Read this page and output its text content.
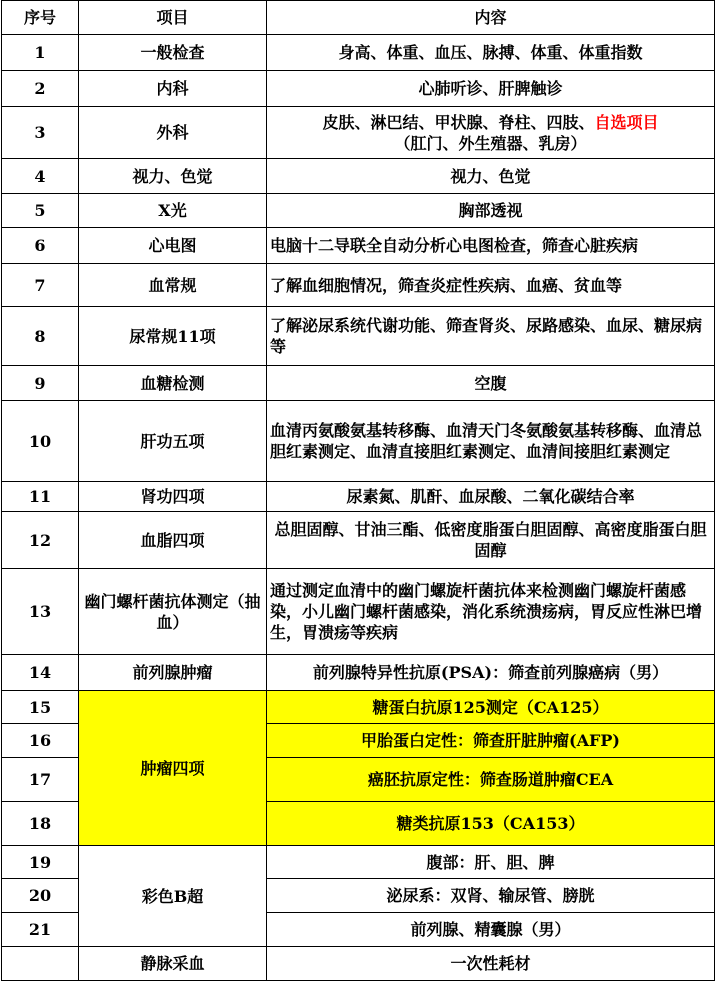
序号	项目	内容
1	一般检查	身高、体重、血压、脉搏、体重、体重指数
2	内科	心肺听诊、肝脾触诊
3	外科	皮肤、淋巴结、甲状腺、脊柱、四肢、自选项目
（肛门、外生殖器、乳房）
4	视力、色觉	视力、色觉
5	X光	胸部透视
6	心电图	电脑十二导联全自动分析心电图检查，筛查心脏疾病

7	血常规	了解血细胞情况，筛查炎症性疾病、血癌、贫血等
8	尿常规11项	了解泌尿系统代谢功能、筛查肾炎、尿路感染、血尿、糖尿病等
9	血糖检测	空腹
10	肝功五项	血清丙氨酸氨基转移酶、血清天门冬氨酸氨基转移酶、血清总胆红素测定、血清直接胆红素测定、血清间接胆红素测定
11	肾功四项	尿素氮、肌酐、血尿酸、二氧化碳结合率
12	血脂四项	总胆固醇、甘油三酯、低密度脂蛋白胆固醇、高密度脂蛋白胆固醇
13	幽门螺杆菌抗体测定（抽血）	通过测定血清中的幽门螺旋杆菌抗体来检测幽门螺旋杆菌感染，小儿幽门螺杆菌感染，消化系统溃疡病，胃反应性淋巴增生，胃溃疡等疾病
14	前列腺肿瘤	前列腺特异性抗原(PSA)：筛查前列腺癌病（男）
15	肿瘤四项	糖蛋白抗原125测定（CA125）
16		甲胎蛋白定性：筛查肝脏肿瘤(AFP)
17		癌胚抗原定性：筛查肠道肿瘤CEA
18		糖类抗原153（CA153）
19	彩色B超	腹部：肝、胆、脾
20		泌尿系：双肾、输尿管、膀胱
21		前列腺、精囊腺（男）
	静脉采血	一次性耗材
